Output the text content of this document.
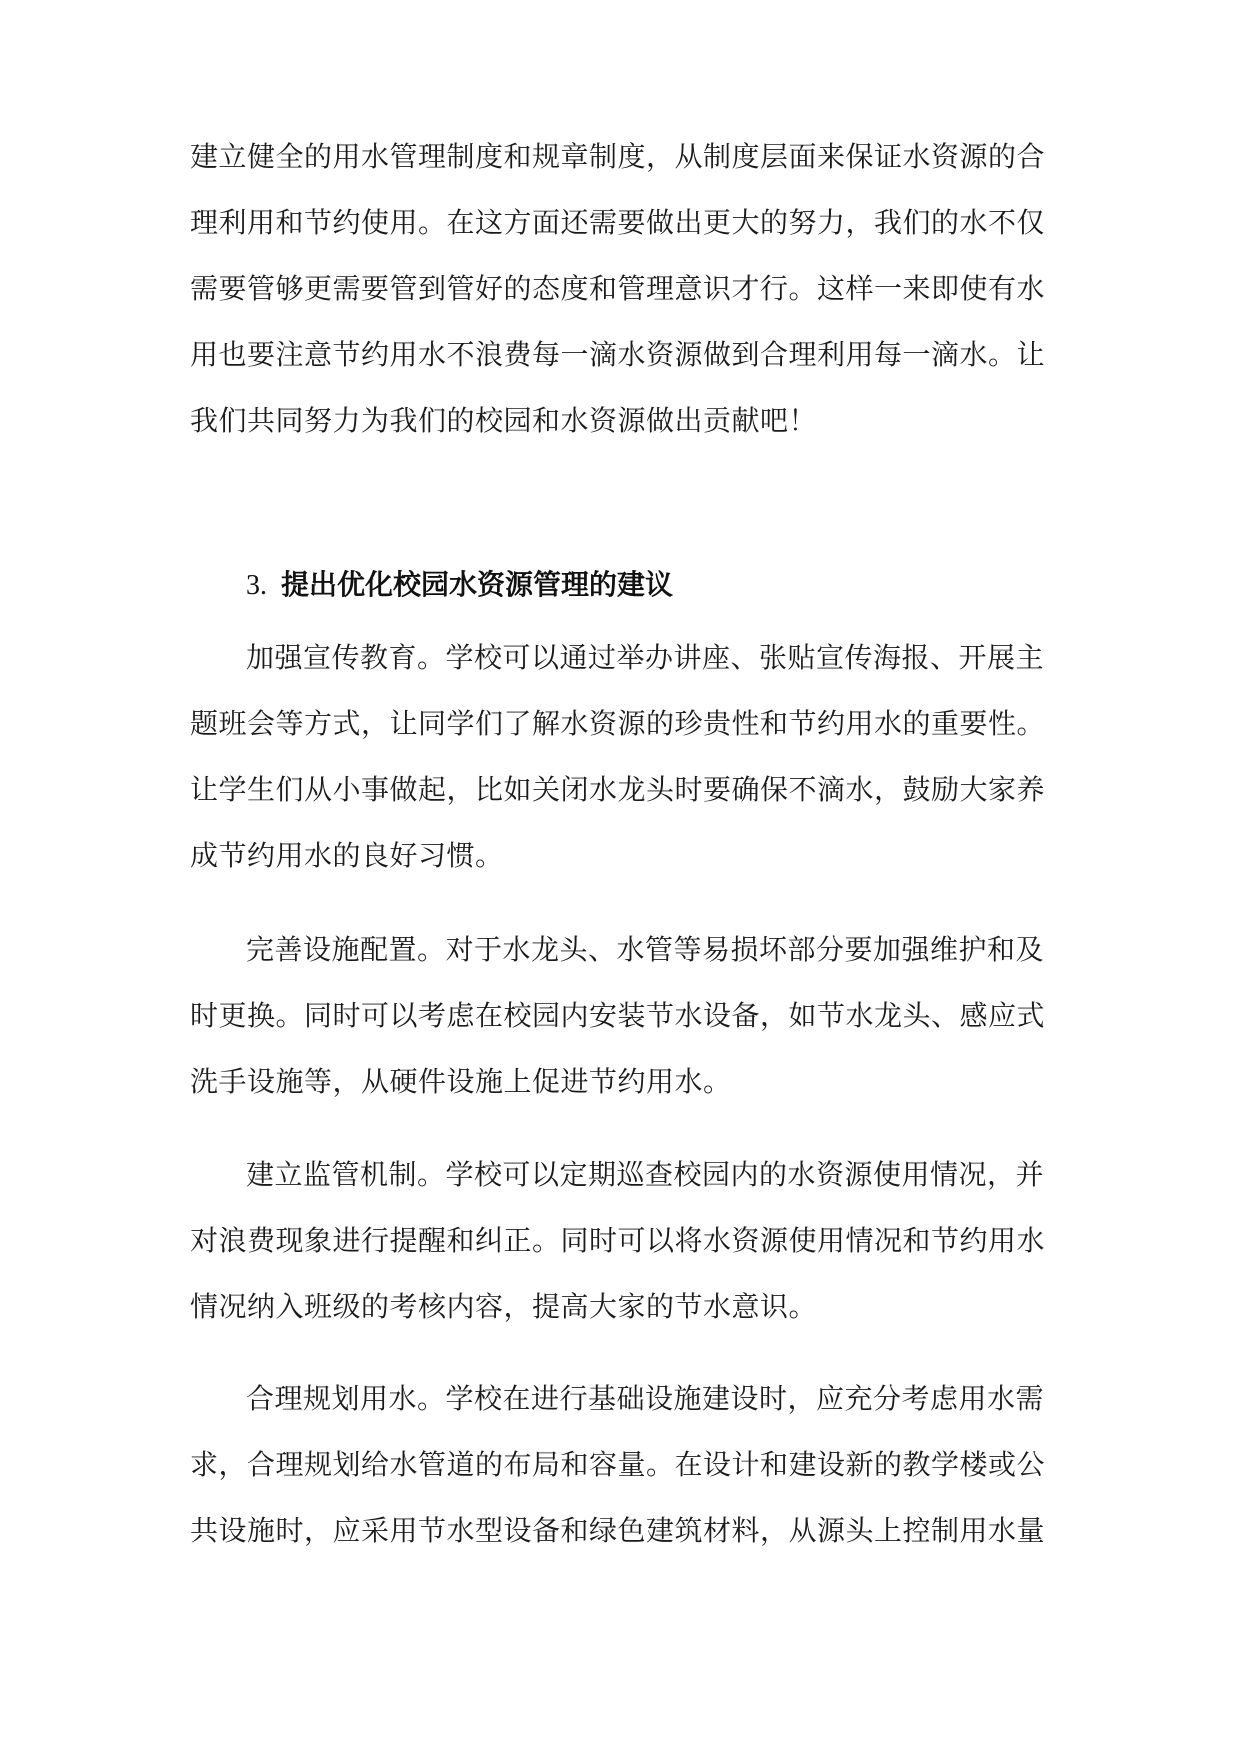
建立健全的用水管理制度和规章制度，从制度层面来保证水资源的合
理利用和节约使用。在这方面还需要做出更大的努力，我们的水不仅
需要管够更需要管到管好的态度和管理意识才行。这样一来即使有水
用也要注意节约用水不浪费每一滴水资源做到合理利用每一滴水。让
我们共同努力为我们的校园和水资源做出贡献吧！
3. 提出优化校园水资源管理的建议
加强宣传教育。学校可以通过举办讲座、张贴宣传海报、开展主
题班会等方式，让同学们了解水资源的珍贵性和节约用水的重要性。
让学生们从小事做起，比如关闭水龙头时要确保不滴水，鼓励大家养
成节约用水的良好习惯。
完善设施配置。对于水龙头、水管等易损坏部分要加强维护和及
时更换。同时可以考虑在校园内安装节水设备，如节水龙头、感应式
洗手设施等，从硬件设施上促进节约用水。
建立监管机制。学校可以定期巡查校园内的水资源使用情况，并
对浪费现象进行提醒和纠正。同时可以将水资源使用情况和节约用水
情况纳入班级的考核内容，提高大家的节水意识。
合理规划用水。学校在进行基础设施建设时，应充分考虑用水需
求，合理规划给水管道的布局和容量。在设计和建设新的教学楼或公
共设施时，应采用节水型设备和绿色建筑材料，从源头上控制用水量
